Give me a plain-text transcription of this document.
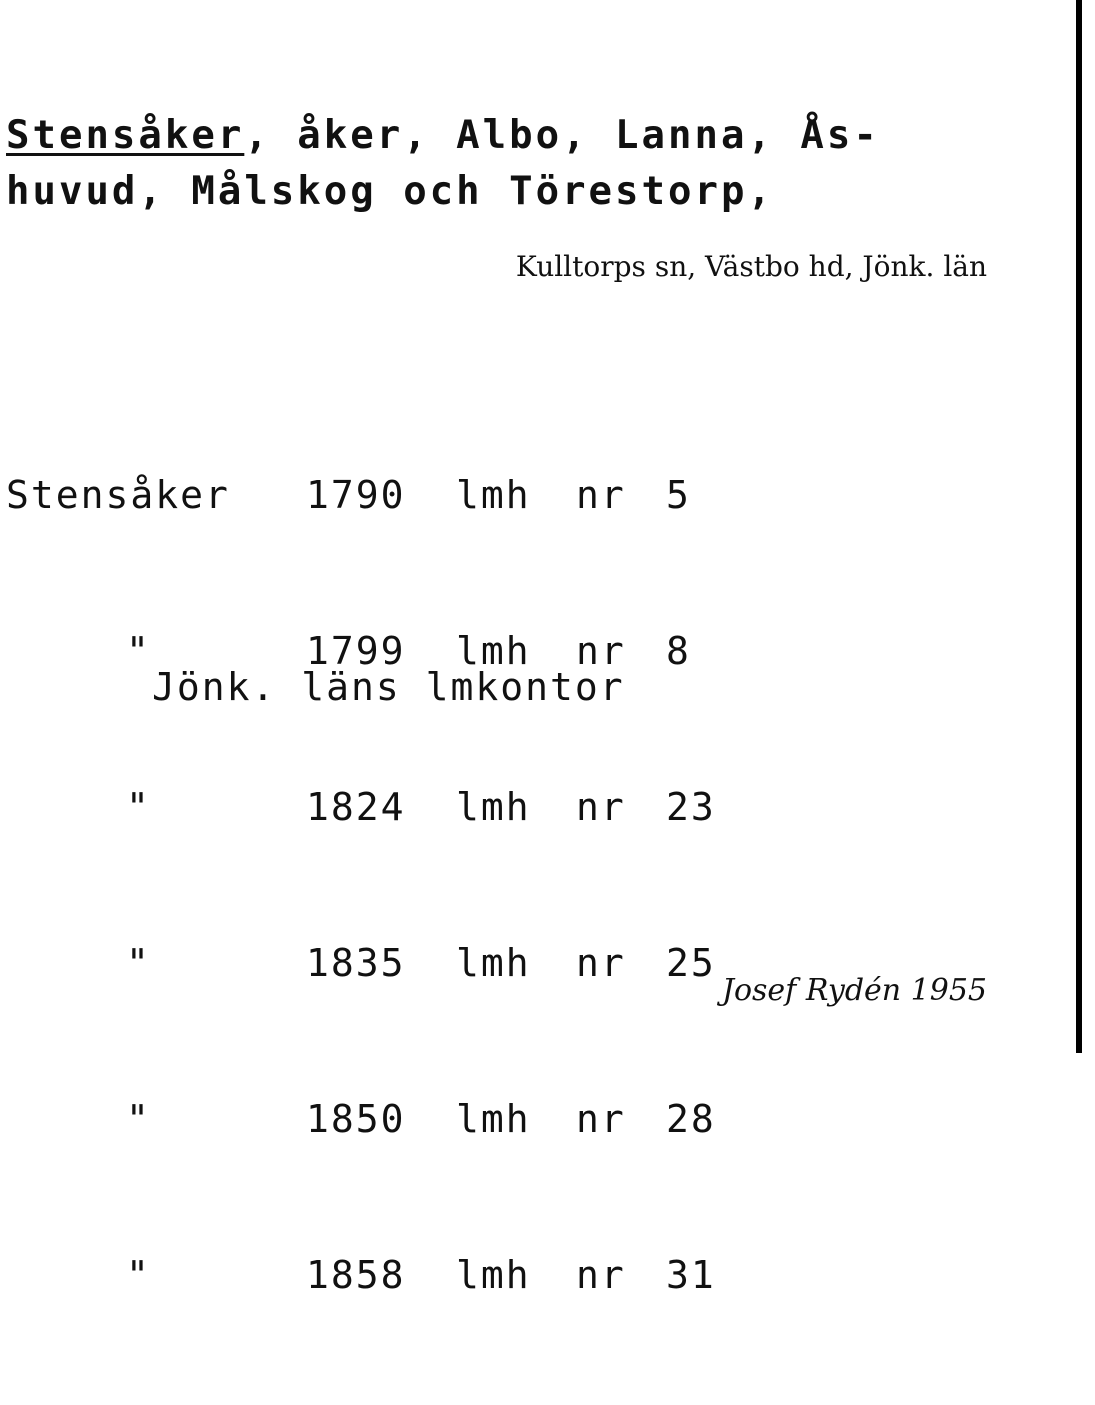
Stensåker, åker, Albo, Lanna, Ås-
huvud, Målskog och Törestorp,
Kulltorps sn, Västbo hd, Jönk. län

Stensåker 1790 lmh nr 5

"	1799 lmh nr 8

"	1824 lmh nr 23

"	1835 lmh nr 25

"	1850 lmh nr 28

"	1858 lmh nr 31

Jönk. läns lmkontor
Josef Rydén 1955
